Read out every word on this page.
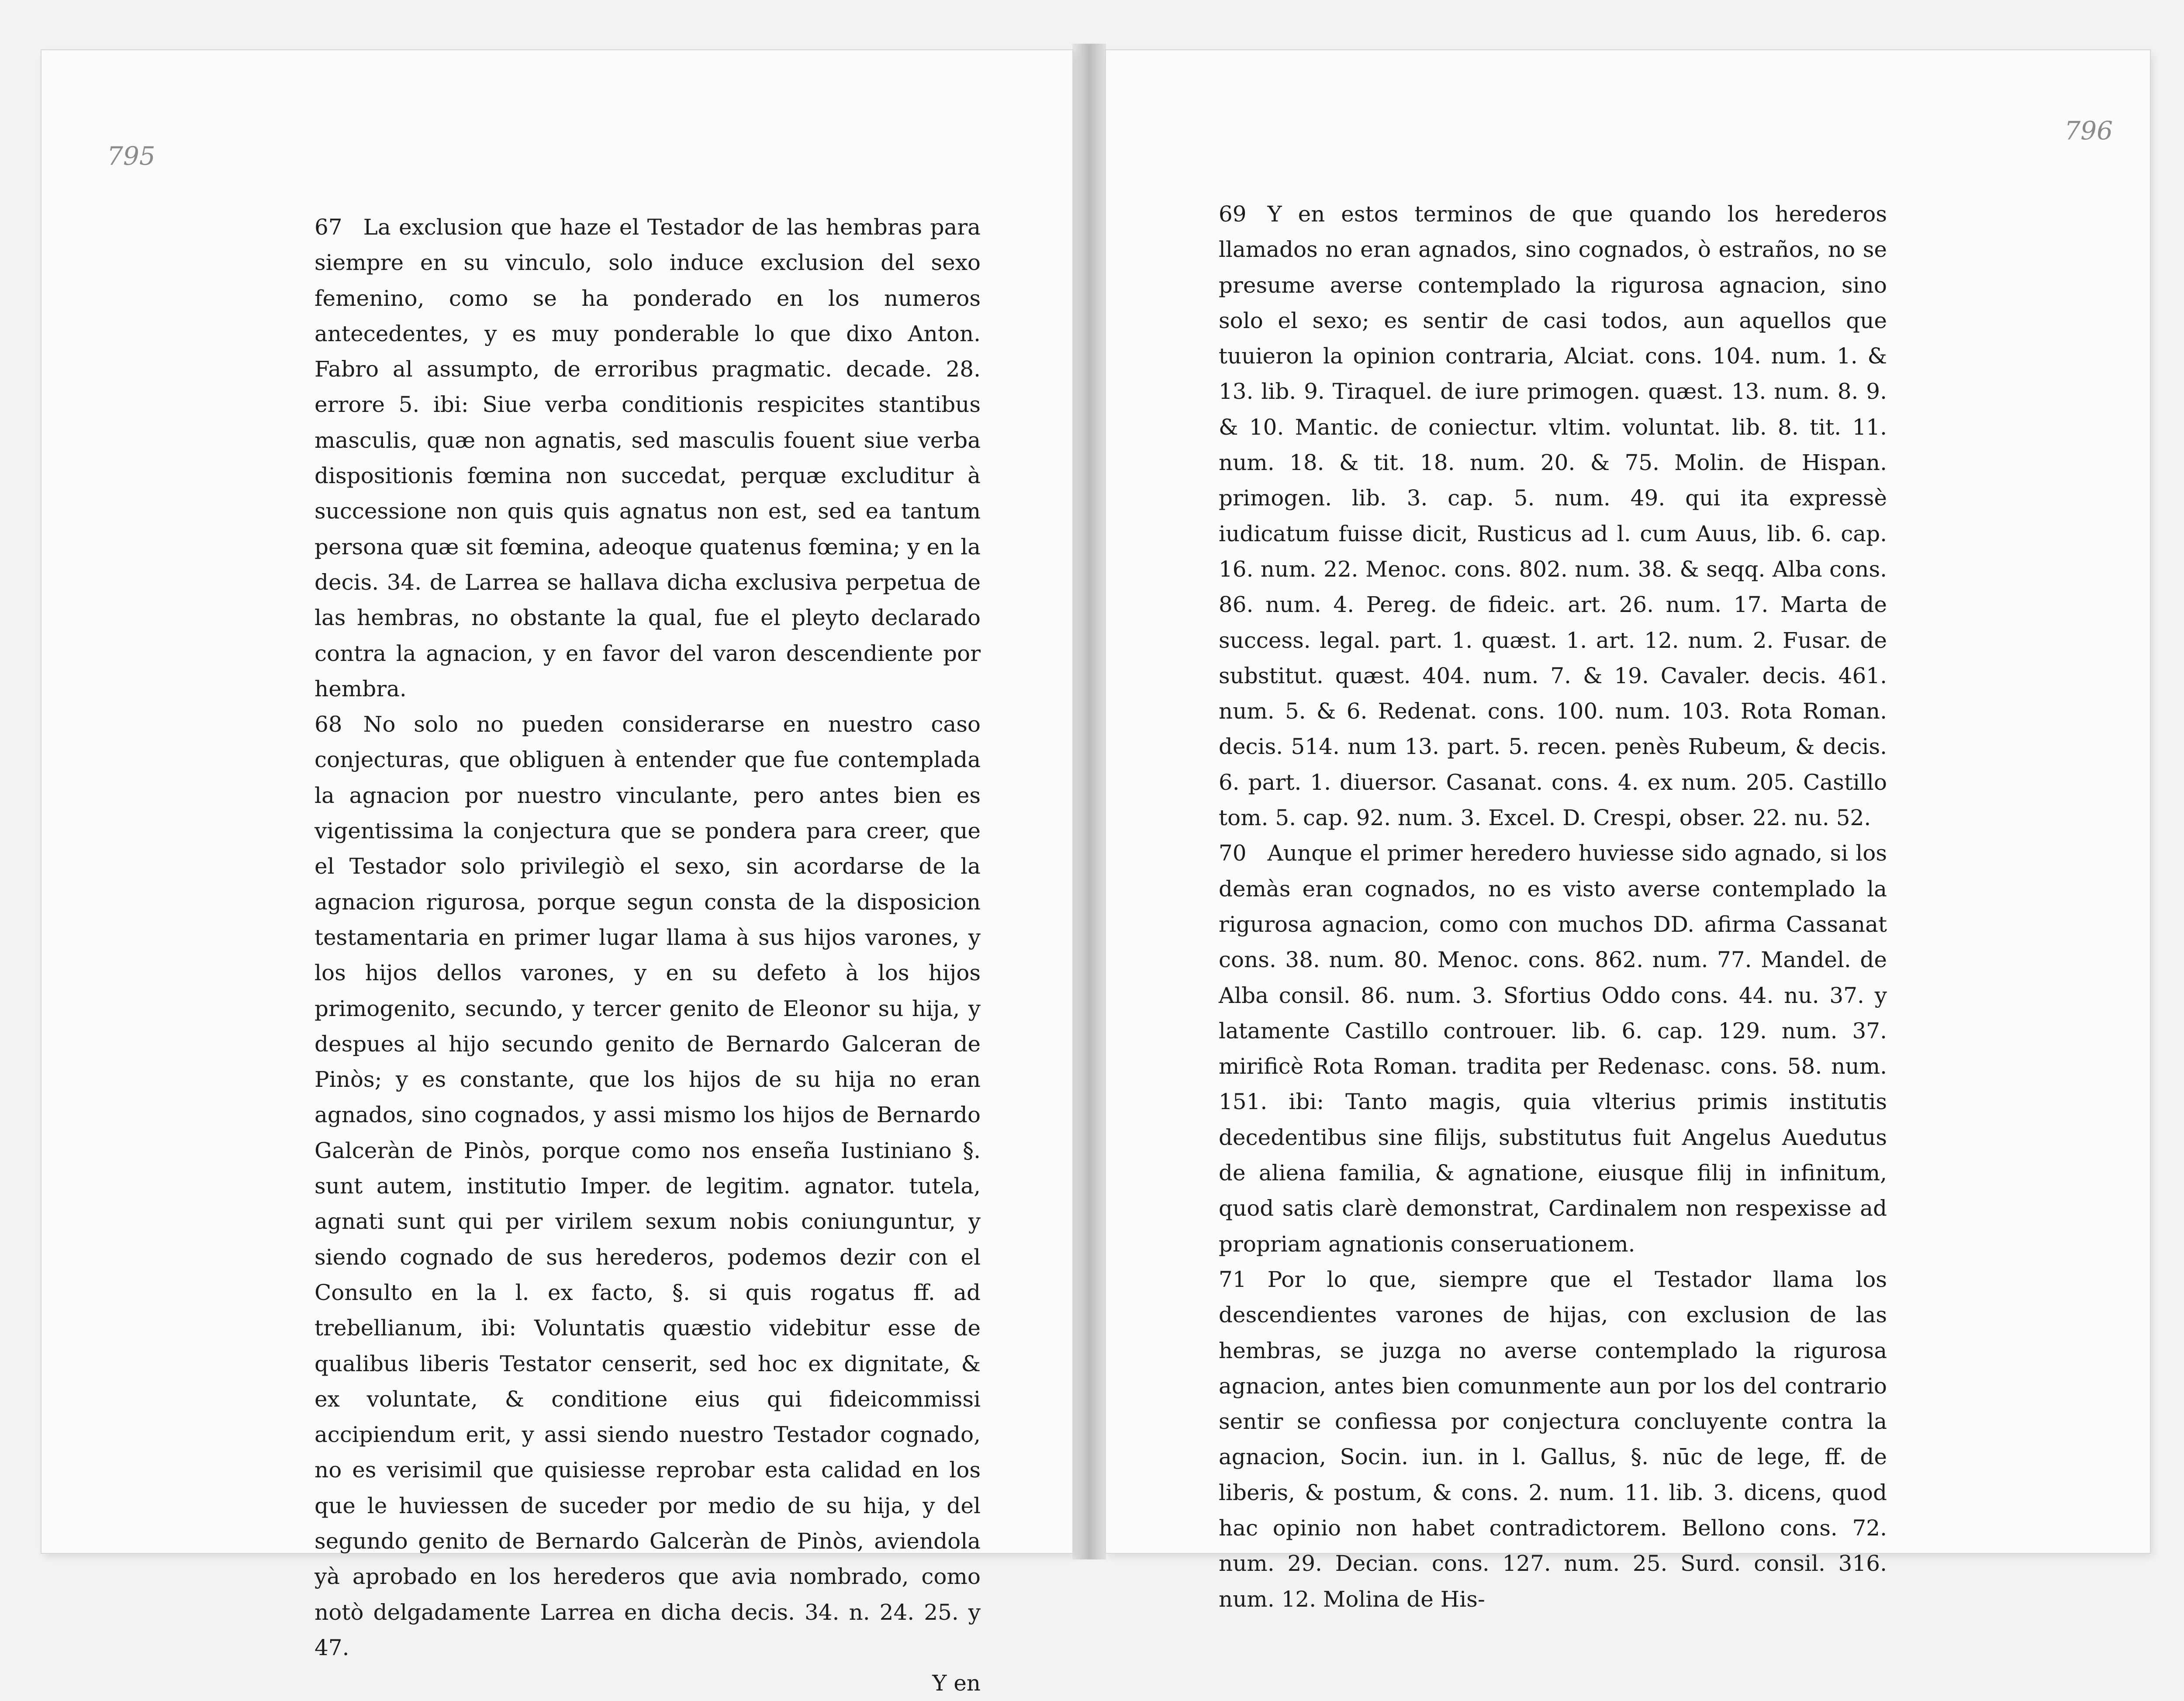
795
796

67 La exclusion que haze el Testador de las hembras para siempre en su vinculo, solo induce exclusion del sexo femenino, como se ha ponderado en los numeros antecedentes, y es muy ponderable lo que dixo Anton. Fabro al assumpto, de erroribus pragmatic. decade. 28. errore 5. ibi: Siue verba conditionis respicites stantibus masculis, quæ non agnatis, sed masculis fouent siue verba dispositionis fœmina non succedat, perquæ excluditur à successione non quis quis agnatus non est, sed ea tantum persona quæ sit fœmina, adeoque quatenus fœmina; y en la decis. 34. de Larrea se hallava dicha exclusiva perpetua de las hembras, no obstante la qual, fue el pleyto declarado contra la agnacion, y en favor del varon descendiente por hembra.

68 No solo no pueden considerarse en nuestro caso conjecturas, que obliguen à entender que fue contemplada la agnacion por nuestro vinculante, pero antes bien es vigentissima la conjectura que se pondera para creer, que el Testador solo privilegiò el sexo, sin acordarse de la agnacion rigurosa, porque segun consta de la disposicion testamentaria en primer lugar llama à sus hijos varones, y los hijos dellos varones, y en su defeto à los hijos primogenito, secundo, y tercer genito de Eleonor su hija, y despues al hijo secundo genito de Bernardo Galceran de Pinòs; y es constante, que los hijos de su hija no eran agnados, sino cognados, y assi mismo los hijos de Bernardo Galceràn de Pinòs, porque como nos enseña Iustiniano §. sunt autem, institutio Imper. de legitim. agnator. tutela, agnati sunt qui per virilem sexum nobis coniunguntur, y siendo cognado de sus herederos, podemos dezir con el Consulto en la l. ex facto, §. si quis rogatus ff. ad trebellianum, ibi: Voluntatis quæstio videbitur esse de qualibus liberis Testator censerit, sed hoc ex dignitate, & ex voluntate, & conditione eius qui fideicommissi accipiendum erit, y assi siendo nuestro Testador cognado, no es verisimil que quisiesse reprobar esta calidad en los que le huviessen de suceder por medio de su hija, y del segundo genito de Bernardo Galceràn de Pinòs, aviendola yà aprobado en los herederos que avia nombrado, como notò delgadamente Larrea en dicha decis. 34. n. 24. 25. y 47.

Y en

69 Y en estos terminos de que quando los herederos llamados no eran agnados, sino cognados, ò estraños, no se presume averse contemplado la rigurosa agnacion, sino solo el sexo; es sentir de casi todos, aun aquellos que tuuieron la opinion contraria, Alciat. cons. 104. num. 1. & 13. lib. 9. Tiraquel. de iure primogen. quæst. 13. num. 8. 9. & 10. Mantic. de coniectur. vltim. voluntat. lib. 8. tit. 11. num. 18. & tit. 18. num. 20. & 75. Molin. de Hispan. primogen. lib. 3. cap. 5. num. 49. qui ita expressè iudicatum fuisse dicit, Rusticus ad l. cum Auus, lib. 6. cap. 16. num. 22. Menoc. cons. 802. num. 38. & seqq. Alba cons. 86. num. 4. Pereg. de fideic. art. 26. num. 17. Marta de success. legal. part. 1. quæst. 1. art. 12. num. 2. Fusar. de substitut. quæst. 404. num. 7. & 19. Cavaler. decis. 461. num. 5. & 6. Redenat. cons. 100. num. 103. Rota Roman. decis. 514. num 13. part. 5. recen. penès Rubeum, & decis. 6. part. 1. diuersor. Casanat. cons. 4. ex num. 205. Castillo tom. 5. cap. 92. num. 3. Excel. D. Crespi, obser. 22. nu. 52.

70 Aunque el primer heredero huviesse sido agnado, si los demàs eran cognados, no es visto averse contemplado la rigurosa agnacion, como con muchos DD. afirma Cassanat cons. 38. num. 80. Menoc. cons. 862. num. 77. Mandel. de Alba consil. 86. num. 3. Sfortius Oddo cons. 44. nu. 37. y latamente Castillo controuer. lib. 6. cap. 129. num. 37. mirificè Rota Roman. tradita per Redenasc. cons. 58. num. 151. ibi: Tanto magis, quia vlterius primis institutis decedentibus sine filijs, substitutus fuit Angelus Auedutus de aliena familia, & agnatione, eiusque filij in infinitum, quod satis clarè demonstrat, Cardinalem non respexisse ad propriam agnationis conseruationem.

71 Por lo que, siempre que el Testador llama los descendientes varones de hijas, con exclusion de las hembras, se juzga no averse contemplado la rigurosa agnacion, antes bien comunmente aun por los del contrario sentir se confiessa por conjectura concluyente contra la agnacion, Socin. iun. in l. Gallus, §. nūc de lege, ff. de liberis, & postum, & cons. 2. num. 11. lib. 3. dicens, quod hac opinio non habet contradictorem. Bellono cons. 72. num. 29. Decian. cons. 127. num. 25. Surd. consil. 316. num. 12. Molina de His-
